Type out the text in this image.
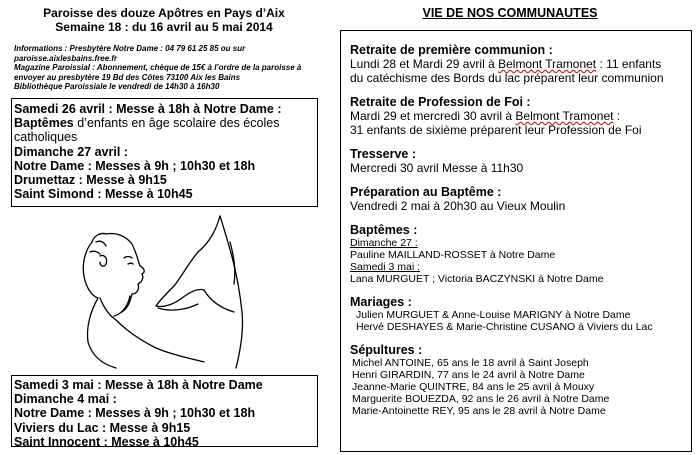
Paroisse des douze Apôtres en Pays d’Aix
Semaine 18 : du 16 avril au 5 mai 2014
Informations : Presbytère Notre Dame : 04 79 61 25 85 ou sur
paroisse.aixlesbains.free.fr
Magazine Paroissial : Abonnement, chèque de 15€ à l’ordre de la paroisse à
envoyer au presbytère 19 Bd des Côtes 73100 Aix les Bains
Bibliothèque Paroissiale le vendredi de 14h30 à 16h30
Samedi 26 avril : Messe à 18h à Notre Dame :
Baptêmes d’enfants en âge scolaire des écoles
catholiques
Dimanche 27 avril :
Notre Dame : Messes à 9h ; 10h30 et 18h
Drumettaz : Messe à 9h15
Saint Simond : Messe à 10h45
Samedi 3 mai : Messe à 18h à Notre Dame
Dimanche 4 mai :
Notre Dame : Messes à 9h ; 10h30 et 18h
Viviers du Lac : Messe à 9h15
Saint Innocent : Messe à 10h45
VIE DE NOS COMMUNAUTES
Retraite de première communion :
Lundi 28 et Mardi 29 avril à Belmont Tramonet : 11 enfants
du catéchisme des Bords du lac préparent leur communion
Retraite de Profession de Foi :
Mardi 29 et mercredi 30 avril à Belmont Tramonet :
31 enfants de sixième préparent leur Profession de Foi
Tresserve :
Mercredi 30 avril Messe à 11h30
Préparation au Baptême :
Vendredi 2 mai à 20h30 au Vieux Moulin
Baptêmes :
Dimanche 27 :
Pauline MAILLAND-ROSSET à Notre Dame
Samedi 3 mai :
Lana MURGUET ; Victoria BACZYNSKI à Notre Dame
Mariages :
Julien MURGUET & Anne-Louise MARIGNY à Notre Dame
Hervé DESHAYES & Marie-Christine CUSANO à Viviers du Lac
Sépultures :
Michel ANTOINE, 65 ans le 18 avril à Saint Joseph
Henri GIRARDIN, 77 ans le 24 avril à Notre Dame
Jeanne-Marie QUINTRE, 84 ans le 25 avril à Mouxy
Marguerite BOUEZDA, 92 ans le 26 avril à Notre Dame
Marie-Antoinette REY, 95 ans le 28 avril à Notre Dame
